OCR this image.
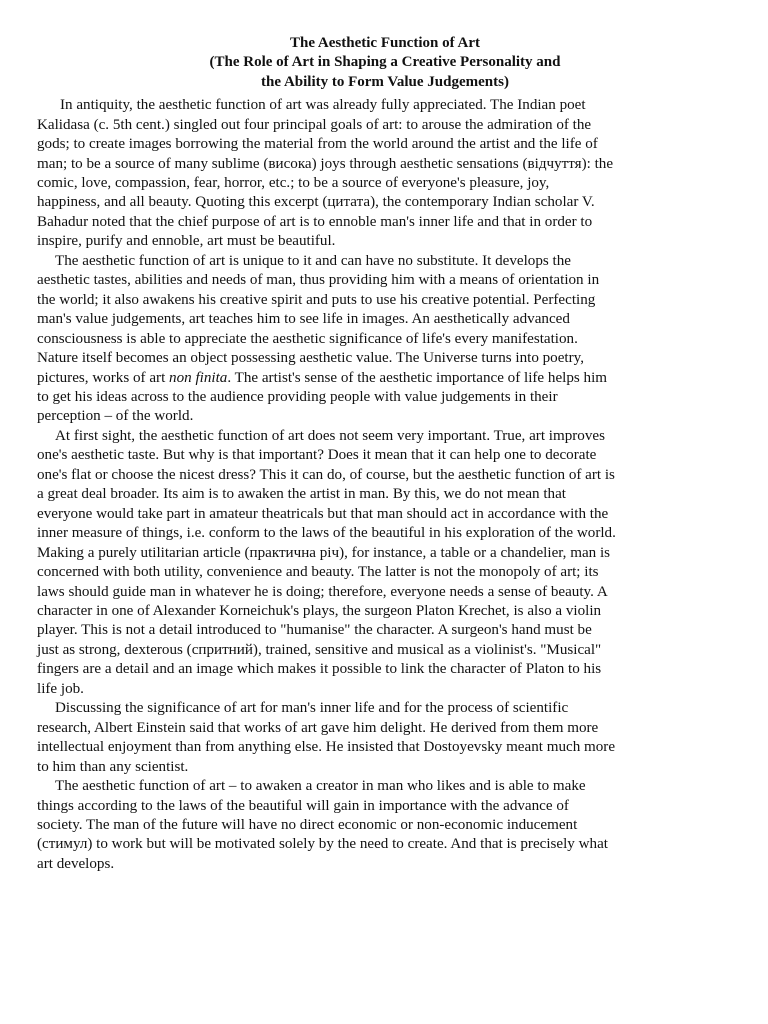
The Aesthetic Function of Art
(The Role of Art in Shaping a Creative Personality and
the Ability to Form Value Judgements)

In antiquity, the aesthetic function of art was already fully appreciated. The Indian poet
Kalidasa (c. 5th cent.) singled out four principal goals of art: to arouse the admiration of the
gods; to create images borrowing the material from the world around the artist and the life of
man; to be a source of many sublime (висока) joys through aesthetic sensations (відчуття): the
comic, love, compassion, fear, horror, etc.; to be a source of everyone's pleasure, joy,
happiness, and all beauty. Quoting this excerpt (цитата), the contemporary Indian scholar V.
Bahadur noted that the chief purpose of art is to ennoble man's inner life and that in order to
inspire, purify and ennoble, art must be beautiful.

The aesthetic function of art is unique to it and can have no substitute. It develops the
aesthetic tastes, abilities and needs of man, thus providing him with a means of orientation in
the world; it also awakens his creative spirit and puts to use his creative potential. Perfecting
man's value judgements, art teaches him to see life in images. An aesthetically advanced
consciousness is able to appreciate the aesthetic significance of life's every manifestation.
Nature itself becomes an object possessing aesthetic value. The Universe turns into poetry,
pictures, works of art non finita. The artist's sense of the aesthetic importance of life helps him
to get his ideas across to the audience providing people with value judgements in their
perception – of the world.

At first sight, the aesthetic function of art does not seem very important. True, art improves
one's aesthetic taste. But why is that important? Does it mean that it can help one to decorate
one's flat or choose the nicest dress? This it can do, of course, but the aesthetic function of art is
a great deal broader. Its aim is to awaken the artist in man. By this, we do not mean that
everyone would take part in amateur theatricals but that man should act in accordance with the
inner measure of things, i.e. conform to the laws of the beautiful in his exploration of the world.
Making a purely utilitarian article (практична річ), for instance, a table or a chandelier, man is
concerned with both utility, convenience and beauty. The latter is not the monopoly of art; its
laws should guide man in whatever he is doing; therefore, everyone needs a sense of beauty. A
character in one of Alexander Korneichuk's plays, the surgeon Platon Krechet, is also a violin
player. This is not a detail introduced to "humanise" the character. A surgeon's hand must be
just as strong, dexterous (спритний), trained, sensitive and musical as a violinist's. "Musical"
fingers are a detail and an image which makes it possible to link the character of Platon to his
life job.

Discussing the significance of art for man's inner life and for the process of scientific
research, Albert Einstein said that works of art gave him delight. He derived from them more
intellectual enjoyment than from anything else. He insisted that Dostoyevsky meant much more
to him than any scientist.

The aesthetic function of art – to awaken a creator in man who likes and is able to make
things according to the laws of the beautiful will gain in importance with the advance of
society. The man of the future will have no direct economic or non-economic inducement
(стимул) to work but will be motivated solely by the need to create. And that is precisely what
art develops.
